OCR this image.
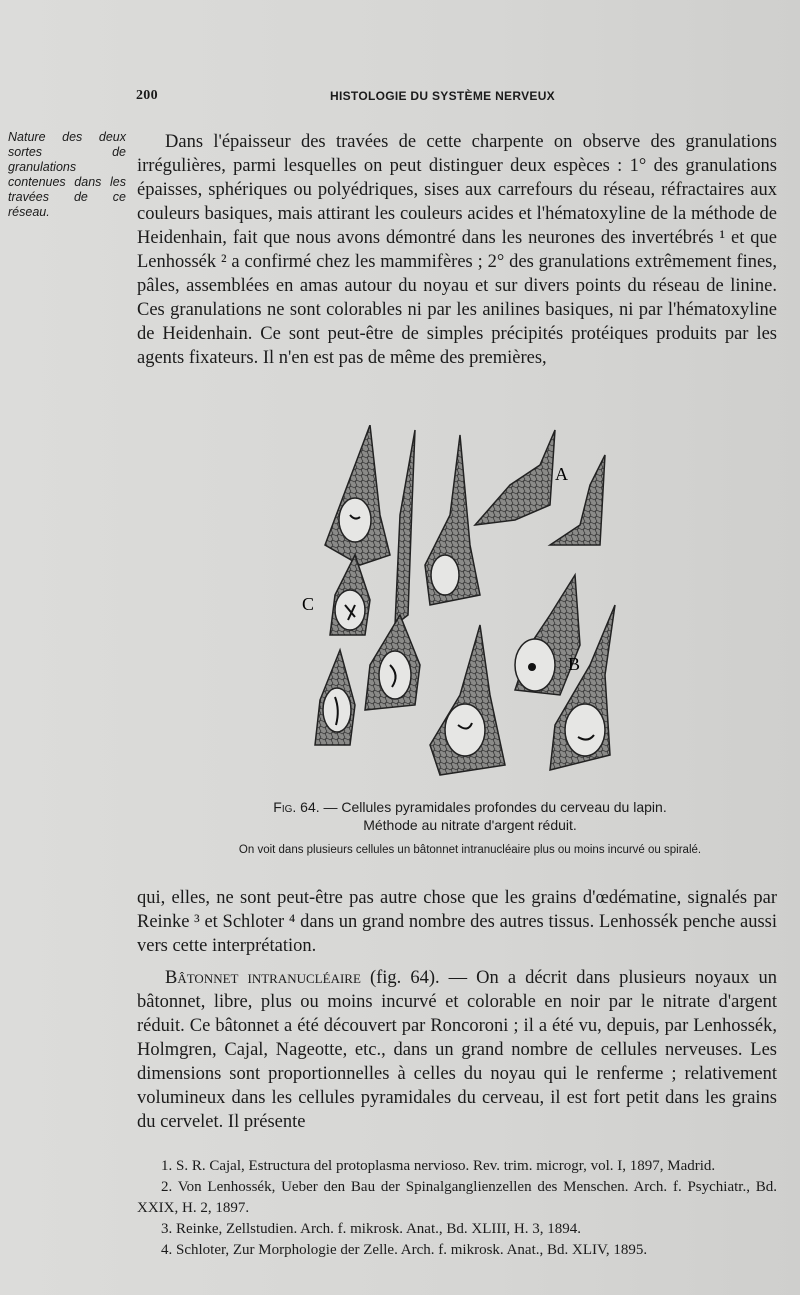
200	HISTOLOGIE DU SYSTÈME NERVEUX
Nature des deux sortes de granulations contenues dans les travées de ce réseau.

Dans l'épaisseur des travées de cette charpente on observe des granulations irrégulières, parmi lesquelles on peut distinguer deux espèces : 1° des granulations épaisses, sphériques ou polyédriques, sises aux carrefours du réseau, réfractaires aux couleurs basiques, mais attirant les couleurs acides et l'hématoxyline de la méthode de Heidenhain, fait que nous avons démontré dans les neurones des invertébrés ¹ et que Lenhossék ² a confirmé chez les mammifères ; 2° des granulations extrêmement fines, pâles, assemblées en amas autour du noyau et sur divers points du réseau de linine. Ces granulations ne sont colorables ni par les anilines basiques, ni par l'hématoxyline de Heidenhain. Ce sont peut-être de simples précipités protéiques produits par les agents fixateurs. Il n'en est pas de même des premières,

A
C
B
Fig. 64. — Cellules pyramidales profondes du cerveau du lapin.
Méthode au nitrate d'argent réduit.
On voit dans plusieurs cellules un bâtonnet intranucléaire plus ou moins incurvé ou spiralé.

qui, elles, ne sont peut-être pas autre chose que les grains d'œdématine, signalés par Reinke ³ et Schloter ⁴ dans un grand nombre des autres tissus. Lenhossék penche aussi vers cette interprétation.

Bâtonnet intranucléaire (fig. 64). — On a décrit dans plusieurs noyaux un bâtonnet, libre, plus ou moins incurvé et colorable en noir par le nitrate d'argent réduit. Ce bâtonnet a été découvert par Roncoroni ; il a été vu, depuis, par Lenhossék, Holmgren, Cajal, Nageotte, etc., dans un grand nombre de cellules nerveuses. Les dimensions sont proportionnelles à celles du noyau qui le renferme ; relativement volumineux dans les cellules pyramidales du cerveau, il est fort petit dans les grains du cervelet. Il présente

1. S. R. Cajal, Estructura del protoplasma nervioso. Rev. trim. microgr, vol. I, 1897, Madrid.
2. Von Lenhossék, Ueber den Bau der Spinalganglienzellen des Menschen. Arch. f. Psychiatr., Bd. XXIX, H. 2, 1897.
3. Reinke, Zellstudien. Arch. f. mikrosk. Anat., Bd. XLIII, H. 3, 1894.
4. Schloter, Zur Morphologie der Zelle. Arch. f. mikrosk. Anat., Bd. XLIV, 1895.
